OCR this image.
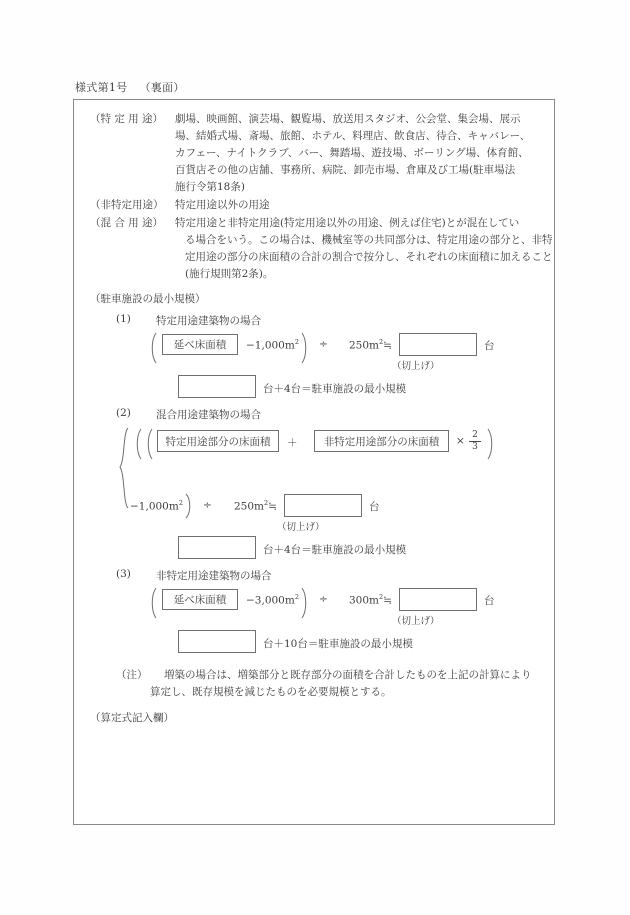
様式第1号 （裏面）
（特 定 用 途） 劇場、映画館、演芸場、観覧場、放送用スタジオ、公会堂、集会場、展示
場、結婚式場、斎場、旅館、ホテル、料理店、飲食店、待合、キャバレー、
カフェー、ナイトクラブ、バー、舞踏場、遊技場、ボーリング場、体育館、
百貨店その他の店舗、事務所、病院、卸売市場、倉庫及び工場(駐車場法
施行令第18条)
（非特定用途） 特定用途以外の用途
（混 合 用 途） 特定用途と非特定用途(特定用途以外の用途、例えば住宅)とが混在してい
る場合をいう。この場合は、機械室等の共同部分は、特定用途の部分と、非特
定用途の部分の床面積の合計の割合で按分し、それぞれの床面積に加えること
(施行規則第2条)。
（駐車施設の最小規模）
(1) 特定用途建築物の場合
延べ床面積 $-1,000m^2$ ÷ $250m^2≒$	台
（切上げ）
台＋4台＝駐車施設の最小規模
(2) 混合用途建築物の場合
特定用途部分の床面積 ＋	非特定用途部分の床面積 × 2
3
$-1,000m^2$ ÷ $250m^2≒$	台
（切上げ）
台＋4台＝駐車施設の最小規模
(3) 非特定用途建築物の場合
延べ床面積 $-3,000m^2$ ÷ $300m^2≒$	台
（切上げ）
台＋10台＝駐車施設の最小規模
（注） 増築の場合は、増築部分と既存部分の面積を合計したものを上記の計算により
算定し、既存規模を減じたものを必要規模とする。
（算定式記入欄）
